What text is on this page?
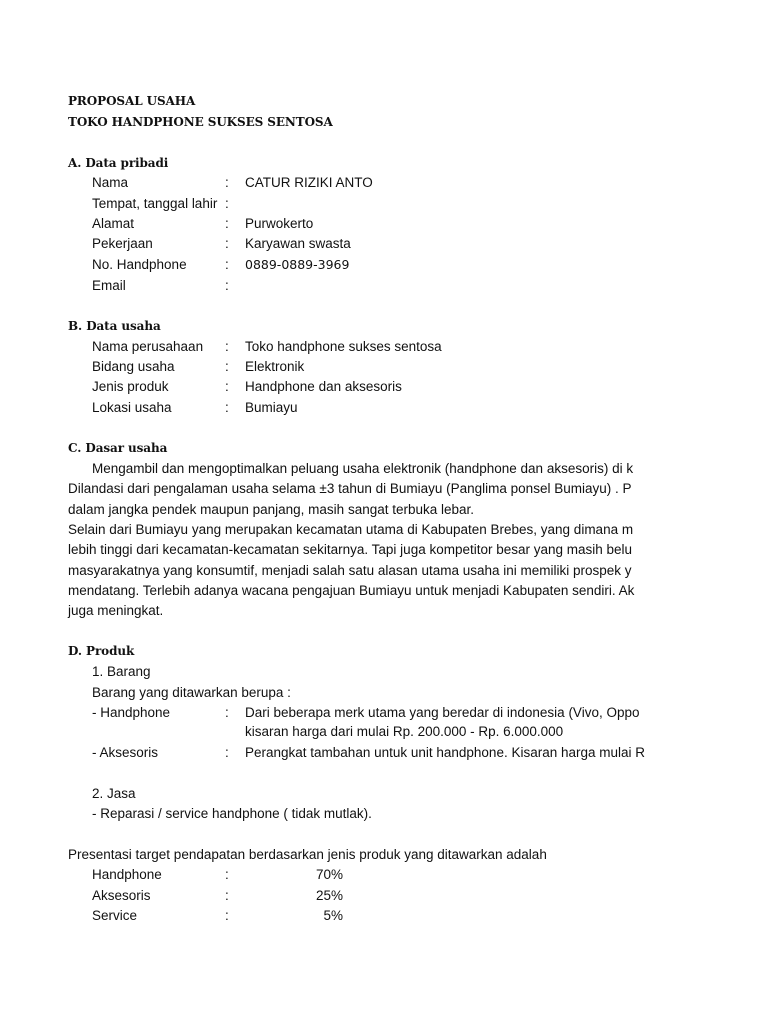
PROPOSAL USAHA
TOKO HANDPHONE SUKSES SENTOSA
A. Data pribadi
Nama	: CATUR RIZIKI ANTO
Tempat, tanggal lahir :
Alamat	: Purwokerto
Pekerjaan	: Karyawan swasta
No. Handphone	: 0889-0889-3969
Email	:
B. Data usaha
Nama perusahaan : Toko handphone sukses sentosa
Bidang usaha	: Elektronik
Jenis produk	: Handphone dan aksesoris
Lokasi usaha	: Bumiayu
C. Dasar usaha
Mengambil dan mengoptimalkan peluang usaha elektronik (handphone dan aksesoris) di k
Dilandasi dari pengalaman usaha selama ±3 tahun di Bumiayu (Panglima ponsel Bumiayu) . P
dalam jangka pendek maupun panjang, masih sangat terbuka lebar.
Selain dari Bumiayu yang merupakan kecamatan utama di Kabupaten Brebes, yang dimana m
lebih tinggi dari kecamatan-kecamatan sekitarnya. Tapi juga kompetitor besar yang masih belu
masyarakatnya yang konsumtif, menjadi salah satu alasan utama usaha ini memiliki prospek y
mendatang. Terlebih adanya wacana pengajuan Bumiayu untuk menjadi Kabupaten sendiri. Ak
juga meningkat.
D. Produk
1. Barang
Barang yang ditawarkan berupa :
- Handphone	: Dari beberapa merk utama yang beredar di indonesia (Vivo, Oppo
kisaran harga dari mulai Rp. 200.000 - Rp. 6.000.000
- Aksesoris	: Perangkat tambahan untuk unit handphone. Kisaran harga mulai R
2. Jasa
- Reparasi / service handphone ( tidak mutlak).
Presentasi target pendapatan berdasarkan jenis produk yang ditawarkan adalah
Handphone	:	70%
Aksesoris	:	25%
Service	:	5%
